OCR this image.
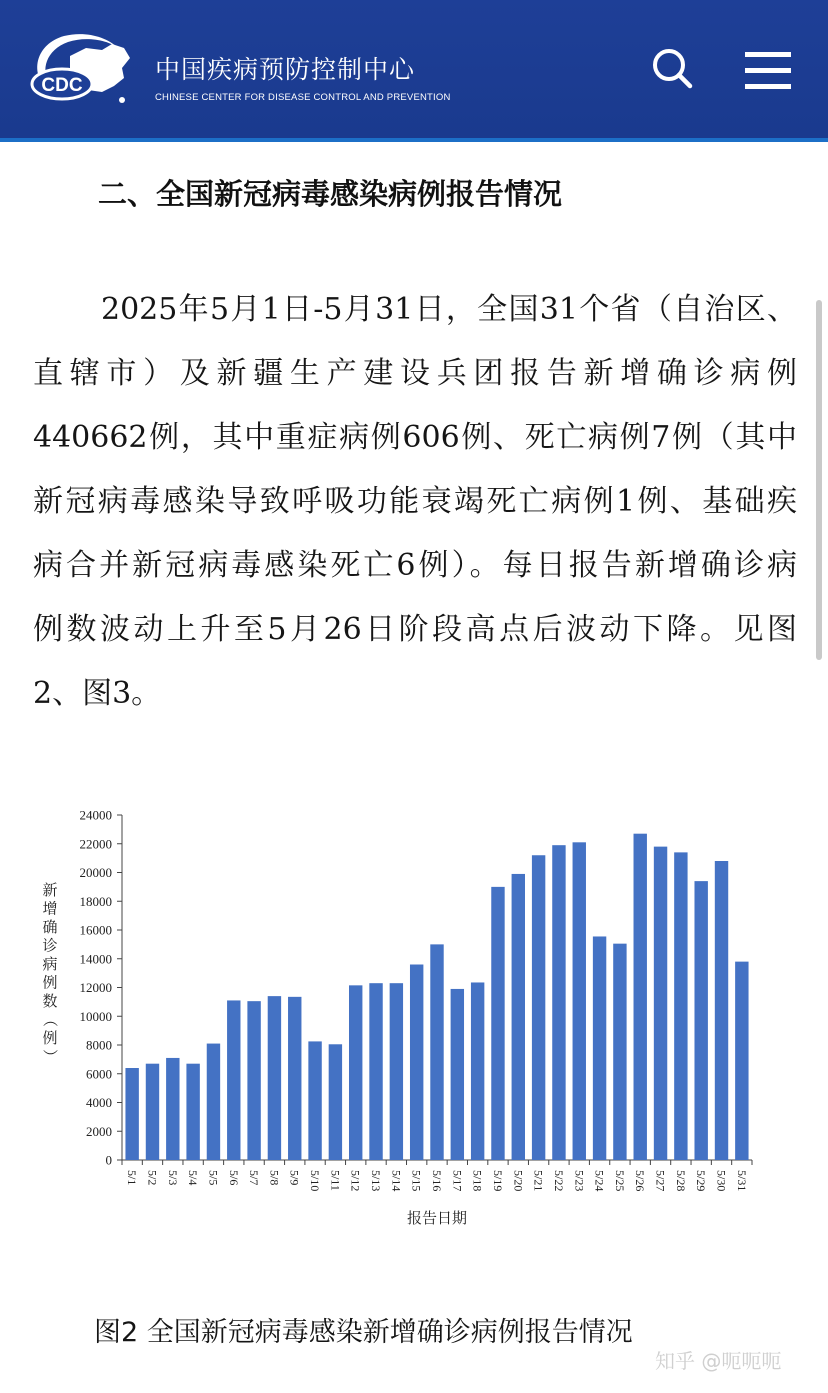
CDC
中国疾病预防控制中心
CHINESE CENTER FOR DISEASE CONTROL AND PREVENTION
二、全国新冠病毒感染病例报告情况
2025年5月1日-5月31日，全国31个省（自治区、
直辖市）及新疆生产建设兵团报告新增确诊病例
440662例，其中重症病例606例、死亡病例7例（其中
新冠病毒感染导致呼吸功能衰竭死亡病例1例、基础疾
病合并新冠病毒感染死亡6例）。每日报告新增确诊病
例数波动上升至5月26日阶段高点后波动下降。见图
2、图3。
新
增
确
诊
病
例
数
（
例
）
0
2000
4000
6000
8000
10000
12000
14000
16000
18000
20000
22000
24000
5/1 5/2 5/3 5/4 5/5 5/6 5/7 5/8 5/9 5/10 5/11 5/12 5/13 5/14 5/15 5/16 5/17 5/18 5/19 5/20 5/21 5/22 5/23 5/24 5/25 5/26 5/27 5/28 5/29 5/30 5/31
报告日期
图2 全国新冠病毒感染新增确诊病例报告情况
知乎 @呃呃呃
